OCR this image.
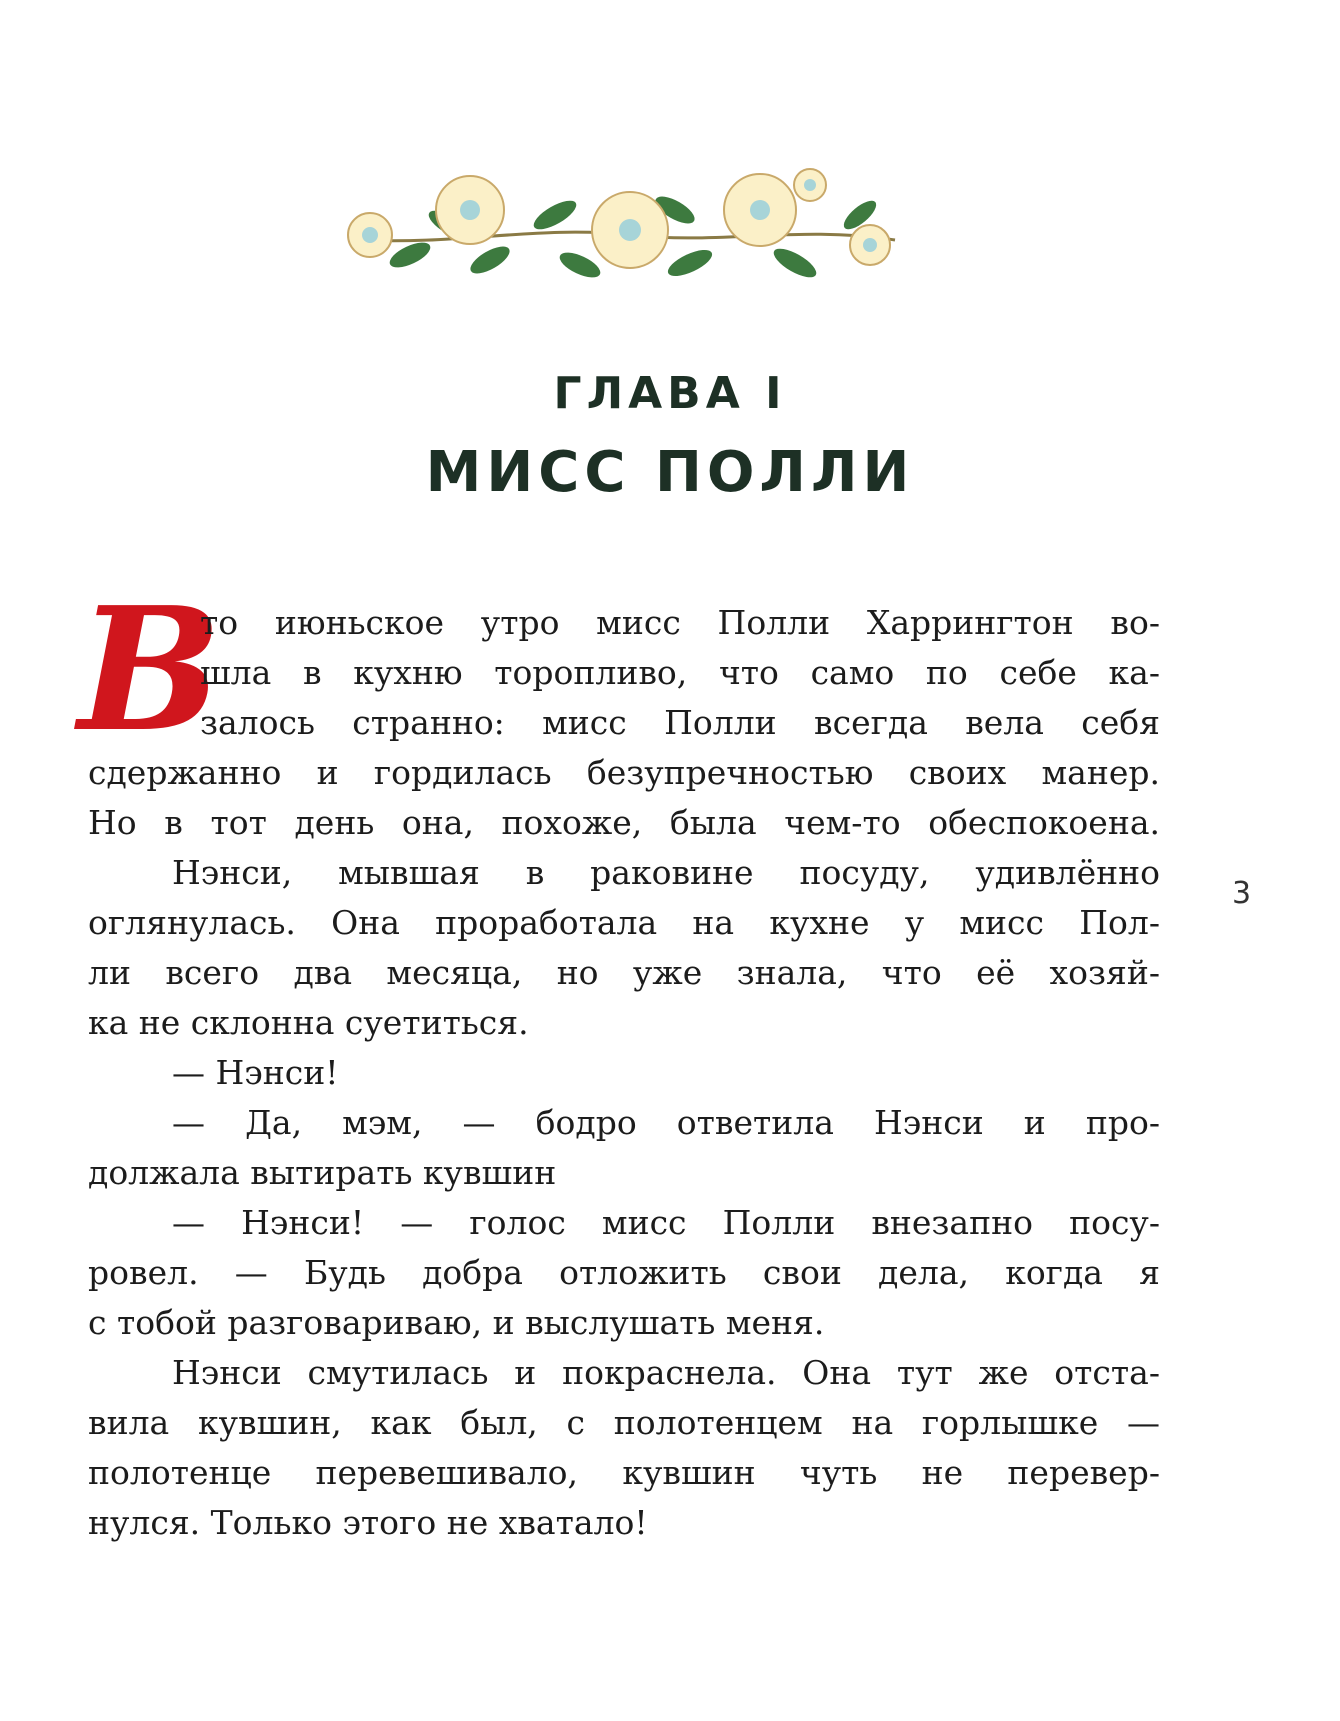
ГЛАВА I
МИСС ПОЛЛИ
В
то июньское утро мисс Полли Харрингтон во-
шла в кухню торопливо, что само по себе ка-
залось странно: мисс Полли всегда вела себя
сдержанно и гордилась безупречностью своих манер.
Но в тот день она, похоже, была чем-то обеспокоена.
Нэнси, мывшая в раковине посуду, удивлённо
оглянулась. Она проработала на кухне у мисс Пол-
ли всего два месяца, но уже знала, что её хозяй-
ка не склонна суетиться.
— Нэнси!
— Да, мэм, — бодро ответила Нэнси и про-
должала вытирать кувшин
— Нэнси! — голос мисс Полли внезапно посу-
ровел. — Будь добра отложить свои дела, когда я
с тобой разговариваю, и выслушать меня.
Нэнси смутилась и покраснела. Она тут же отста-
вила кувшин, как был, с полотенцем на горлышке —
полотенце перевешивало, кувшин чуть не перевер-
нулся. Только этого не хватало!
3
